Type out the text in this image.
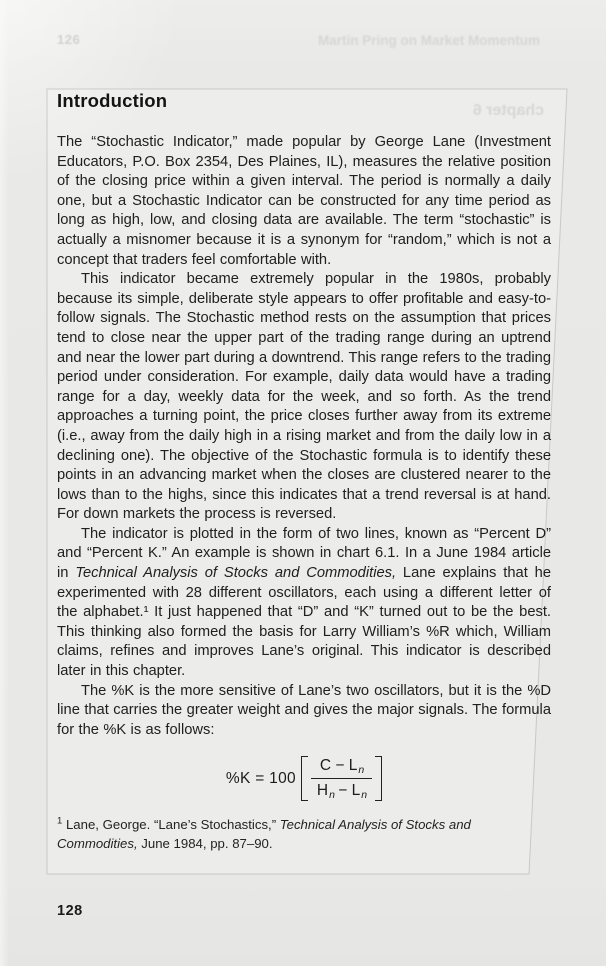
126	Martin Pring on Market Momentum
chapter 6
Introduction

The “Stochastic Indicator,” made popular by George Lane (Investment Educators, P.O. Box 2354, Des Plaines, IL), measures the relative position of the closing price within a given interval. The period is normally a daily one, but a Stochastic Indicator can be constructed for any time period as long as high, low, and closing data are available. The term “stochastic” is actually a misnomer because it is a synonym for “random,” which is not a concept that traders feel comfortable with.

This indicator became extremely popular in the 1980s, probably because its simple, deliberate style appears to offer profitable and easy-to-follow signals. The Stochastic method rests on the assumption that prices tend to close near the upper part of the trading range during an uptrend and near the lower part during a downtrend. This range refers to the trading period under consideration. For example, daily data would have a trading range for a day, weekly data for the week, and so forth. As the trend approaches a turning point, the price closes further away from its extreme (i.e., away from the daily high in a rising market and from the daily low in a declining one). The objective of the Stochastic formula is to identify these points in an advancing market when the closes are clustered nearer to the lows than to the highs, since this indicates that a trend reversal is at hand. For down markets the process is reversed.

The indicator is plotted in the form of two lines, known as “Percent D” and “Percent K.” An example is shown in chart 6.1. In a June 1984 article in Technical Analysis of Stocks and Commodities, Lane explains that he experimented with 28 different oscillators, each using a different letter of the alphabet.¹ It just happened that “D” and “K” turned out to be the best. This thinking also formed the basis for Larry William’s %R which, William claims, refines and improves Lane’s original. This indicator is described later in this chapter.

The %K is the more sensitive of Lane’s two oscillators, but it is the %D line that carries the greater weight and gives the major signals. The formula for the %K is as follows:

$\%K = 100 \frac{C - Ln}{Hn - Ln}$
$^1$ Lane, George. “Lane’s Stochastics,” Technical Analysis of Stocks and Commodities, June 1984, pp. 87–90.
128
